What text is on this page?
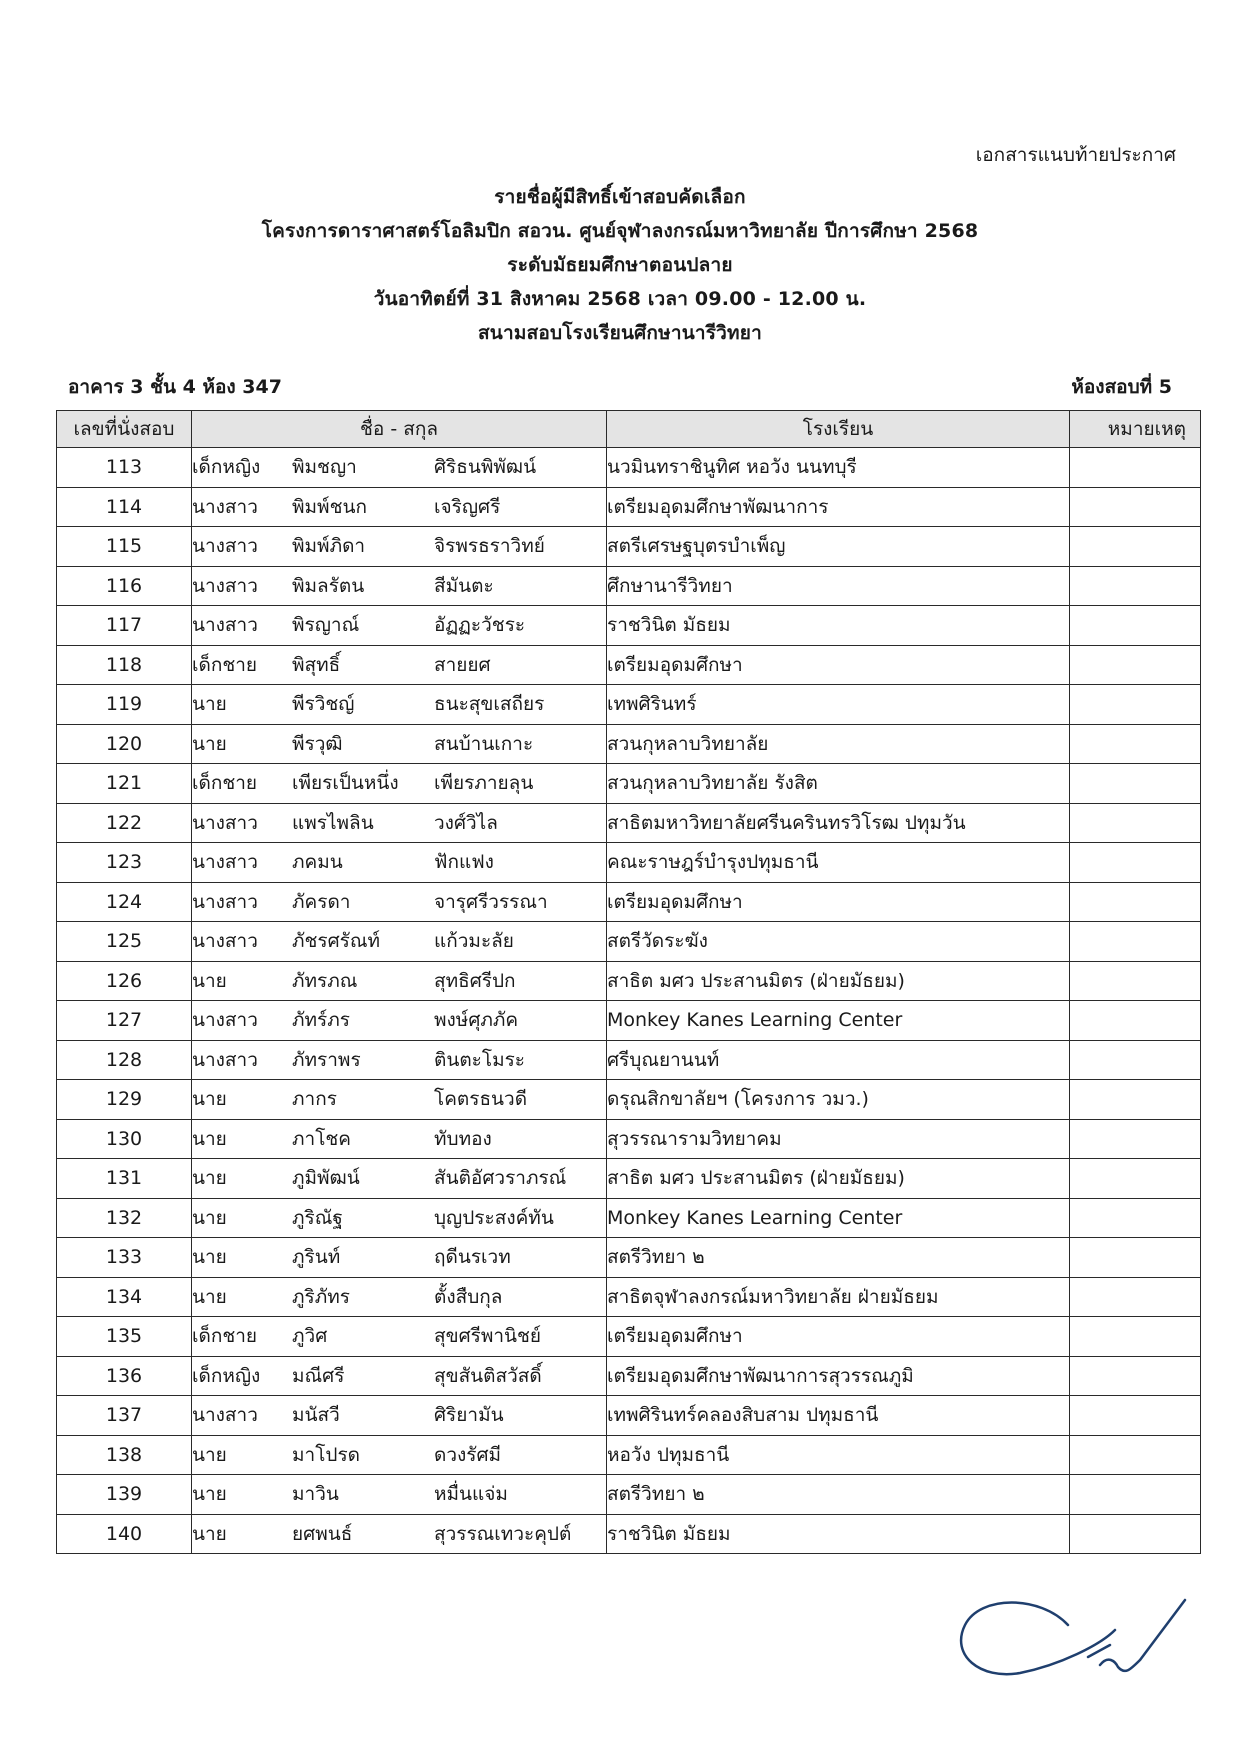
เอกสารแนบท้ายประกาศ
รายชื่อผู้มีสิทธิ์เข้าสอบคัดเลือก
โครงการดาราศาสตร์โอลิมปิก สอวน. ศูนย์จุฬาลงกรณ์มหาวิทยาลัย ปีการศึกษา 2568
ระดับมัธยมศึกษาตอนปลาย
วันอาทิตย์ที่ 31 สิงหาคม 2568 เวลา 09.00 - 12.00 น.
สนามสอบโรงเรียนศึกษานารีวิทยา
อาคาร 3 ชั้น 4 ห้อง 347	ห้องสอบที่ 5
เลขที่นั่งสอบ	ชื่อ - สกุล	โรงเรียน	หมายเหตุ
113	เด็กหญิง พิมชญา ศิริธนพิพัฒน์	นวมินทราชินูทิศ หอวัง นนทบุรี	
114	นางสาว พิมพ์ชนก เจริญศรี	เตรียมอุดมศึกษาพัฒนาการ	
115	นางสาว พิมพ์ภิดา จิรพรธราวิทย์	สตรีเศรษฐบุตรบำเพ็ญ	
116	นางสาว พิมลรัตน สีมันตะ	ศึกษานารีวิทยา	
117	นางสาว พิรญาณ์ อัฏฏะวัชระ	ราชวินิต มัธยม	
118	เด็กชาย พิสุทธิ์ สายยศ	เตรียมอุดมศึกษา	
119	นาย พีรวิชญ์ ธนะสุขเสถียร	เทพศิรินทร์	
120	นาย พีรวุฒิ สนบ้านเกาะ	สวนกุหลาบวิทยาลัย	
121	เด็กชาย เพียรเป็นหนึ่ง เพียรภายลุน	สวนกุหลาบวิทยาลัย รังสิต	
122	นางสาว แพรไพลิน วงศ์วิไล	สาธิตมหาวิทยาลัยศรีนครินทรวิโรฒ ปทุมวัน	
123	นางสาว ภคมน ฟักแฟง	คณะราษฎร์บำรุงปทุมธานี	
124	นางสาว ภัครดา จารุศรีวรรณา	เตรียมอุดมศึกษา	
125	นางสาว ภัชรศรัณท์ แก้วมะลัย	สตรีวัดระฆัง	
126	นาย ภัทรภณ สุทธิศรีปก	สาธิต มศว ประสานมิตร (ฝ่ายมัธยม)	
127	นางสาว ภัทร์ภร พงษ์ศุภภัค	Monkey Kanes Learning Center	
128	นางสาว ภัทราพร ตินตะโมระ	ศรีบุณยานนท์	
129	นาย ภากร โคตรธนวดี	ดรุณสิกขาลัยฯ (โครงการ วมว.)	
130	นาย ภาโชค ทับทอง	สุวรรณารามวิทยาคม	
131	นาย ภูมิพัฒน์ สันติอัศวราภรณ์	สาธิต มศว ประสานมิตร (ฝ่ายมัธยม)	
132	นาย ภูริณัฐ บุญประสงค์ทัน	Monkey Kanes Learning Center	
133	นาย ภูรินท์ ฤดีนรเวท	สตรีวิทยา ๒	
134	นาย ภูริภัทร ตั้งสืบกุล	สาธิตจุฬาลงกรณ์มหาวิทยาลัย ฝ่ายมัธยม	
135	เด็กชาย ภูวิศ สุขศรีพานิชย์	เตรียมอุดมศึกษา	
136	เด็กหญิง มณีศรี สุขสันติสวัสดิ์	เตรียมอุดมศึกษาพัฒนาการสุวรรณภูมิ	
137	นางสาว มนัสวี ศิริยามัน	เทพศิรินทร์คลองสิบสาม ปทุมธานี	
138	นาย มาโปรด ดวงรัศมี	หอวัง ปทุมธานี	
139	นาย มาวิน หมื่นแจ่ม	สตรีวิทยา ๒	
140	นาย ยศพนธ์ สุวรรณเทวะคุปต์	ราชวินิต มัธยม	
